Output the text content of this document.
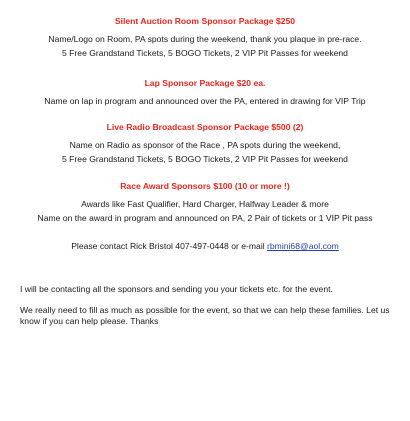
Silent Auction Room Sponsor Package $250
Name/Logo on Room, PA spots during the weekend, thank you plaque in pre-race.
5 Free Grandstand Tickets, 5 BOGO Tickets, 2 VIP Pit Passes for weekend
Lap Sponsor Package $20 ea.
Name on lap in program and announced over the PA, entered in drawing for VIP Trip
Live Radio Broadcast Sponsor Package $500 (2)
Name on Radio as sponsor of the Race , PA spots during the weekend,
5 Free Grandstand Tickets, 5 BOGO Tickets, 2 VIP Pit Passes for weekend
Race Award Sponsors $100 (10 or more !)
Awards like Fast Qualifier, Hard Charger, Halfway Leader & more
Name on the award in program and announced on PA, 2 Pair of tickets or 1 VIP Pit pass
Please contact Rick Bristol 407-497-0448 or e-mail rbmini68@aol.com
I will be contacting all the sponsors and sending you your tickets etc. for the event.
We really need to fill as much as possible for the event, so that we can help these families. Let us know if you can help please. Thanks
